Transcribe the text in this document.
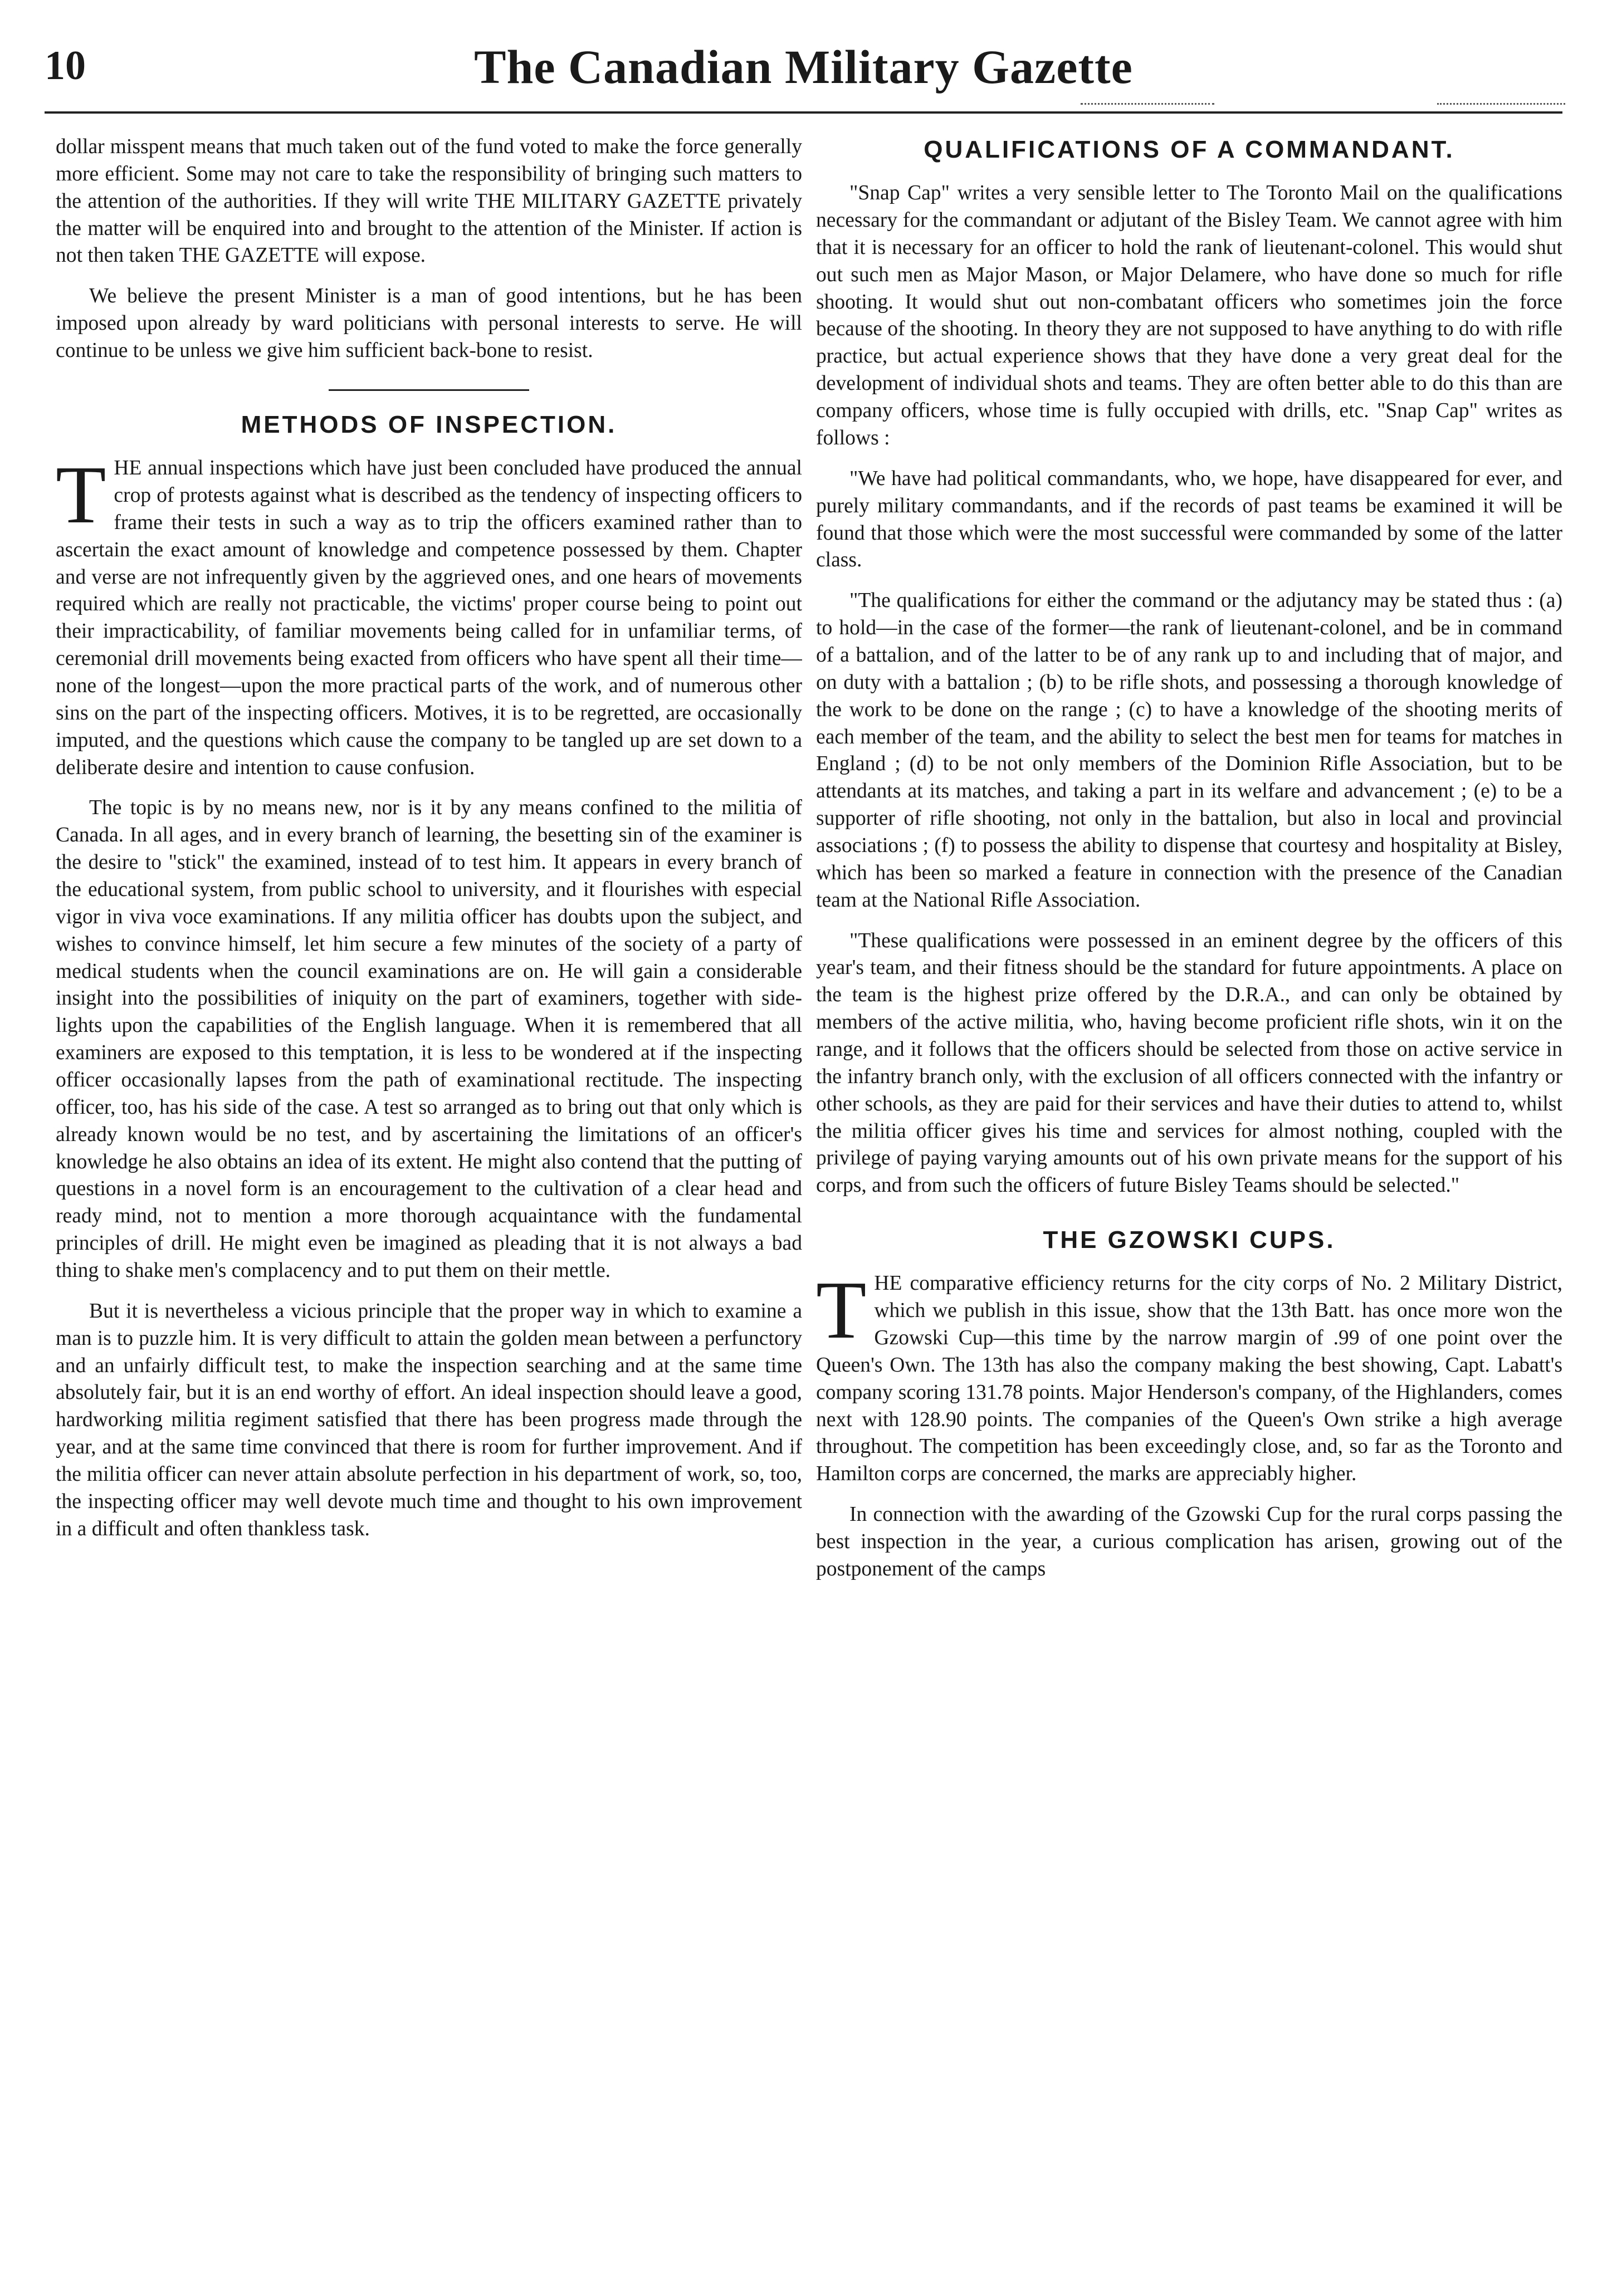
10	The Canadian Military Gazette

dollar misspent means that much taken out of the fund voted to make the force generally more efficient. Some may not care to take the responsibility of bringing such matters to the attention of the authorities. If they will write THE MILITARY GAZETTE privately the matter will be enquired into and brought to the attention of the Minister. If action is not then taken THE GAZETTE will expose.

We believe the present Minister is a man of good intentions, but he has been imposed upon already by ward politicians with personal interests to serve. He will continue to be unless we give him sufficient back-bone to resist.

METHODS OF INSPECTION.

THE annual inspections which have just been concluded have produced the annual crop of protests against what is described as the tendency of inspecting officers to frame their tests in such a way as to trip the officers examined rather than to ascertain the exact amount of knowledge and competence possessed by them. Chapter and verse are not infrequently given by the aggrieved ones, and one hears of movements required which are really not practicable, the victims' proper course being to point out their impracticability, of familiar movements being called for in unfamiliar terms, of ceremonial drill movements being exacted from officers who have spent all their time—none of the longest—upon the more practical parts of the work, and of numerous other sins on the part of the inspecting officers. Motives, it is to be regretted, are occasionally imputed, and the questions which cause the company to be tangled up are set down to a deliberate desire and intention to cause confusion.

The topic is by no means new, nor is it by any means confined to the militia of Canada. In all ages, and in every branch of learning, the besetting sin of the examiner is the desire to "stick" the examined, instead of to test him. It appears in every branch of the educational system, from public school to university, and it flourishes with especial vigor in viva voce examinations. If any militia officer has doubts upon the subject, and wishes to convince himself, let him secure a few minutes of the society of a party of medical students when the council examinations are on. He will gain a considerable insight into the possibilities of iniquity on the part of examiners, together with side-lights upon the capabilities of the English language. When it is remembered that all examiners are exposed to this temptation, it is less to be wondered at if the inspecting officer occasionally lapses from the path of examinational rectitude. The inspecting officer, too, has his side of the case. A test so arranged as to bring out that only which is already known would be no test, and by ascertaining the limitations of an officer's knowledge he also obtains an idea of its extent. He might also contend that the putting of questions in a novel form is an encouragement to the cultivation of a clear head and ready mind, not to mention a more thorough acquaintance with the fundamental principles of drill. He might even be imagined as pleading that it is not always a bad thing to shake men's complacency and to put them on their mettle.

But it is nevertheless a vicious principle that the proper way in which to examine a man is to puzzle him. It is very difficult to attain the golden mean between a perfunctory and an unfairly difficult test, to make the inspection searching and at the same time absolutely fair, but it is an end worthy of effort. An ideal inspection should leave a good, hardworking militia regiment satisfied that there has been progress made through the year, and at the same time convinced that there is room for further improvement. And if the militia officer can never attain absolute perfection in his department of work, so, too, the inspecting officer may well devote much time and thought to his own improvement in a difficult and often thankless task.

QUALIFICATIONS OF A COMMANDANT.

"Snap Cap" writes a very sensible letter to The Toronto Mail on the qualifications necessary for the commandant or adjutant of the Bisley Team. We cannot agree with him that it is necessary for an officer to hold the rank of lieutenant-colonel. This would shut out such men as Major Mason, or Major Delamere, who have done so much for rifle shooting. It would shut out non-combatant officers who sometimes join the force because of the shooting. In theory they are not supposed to have anything to do with rifle practice, but actual experience shows that they have done a very great deal for the development of individual shots and teams. They are often better able to do this than are company officers, whose time is fully occupied with drills, etc. "Snap Cap" writes as follows :

"We have had political commandants, who, we hope, have disappeared for ever, and purely military commandants, and if the records of past teams be examined it will be found that those which were the most successful were commanded by some of the latter class.

"The qualifications for either the command or the adjutancy may be stated thus : (a) to hold—in the case of the former—the rank of lieutenant-colonel, and be in command of a battalion, and of the latter to be of any rank up to and including that of major, and on duty with a battalion ; (b) to be rifle shots, and possessing a thorough knowledge of the work to be done on the range ; (c) to have a knowledge of the shooting merits of each member of the team, and the ability to select the best men for teams for matches in England ; (d) to be not only members of the Dominion Rifle Association, but to be attendants at its matches, and taking a part in its welfare and advancement ; (e) to be a supporter of rifle shooting, not only in the battalion, but also in local and provincial associations ; (f) to possess the ability to dispense that courtesy and hospitality at Bisley, which has been so marked a feature in connection with the presence of the Canadian team at the National Rifle Association.

"These qualifications were possessed in an eminent degree by the officers of this year's team, and their fitness should be the standard for future appointments. A place on the team is the highest prize offered by the D.R.A., and can only be obtained by members of the active militia, who, having become proficient rifle shots, win it on the range, and it follows that the officers should be selected from those on active service in the infantry branch only, with the exclusion of all officers connected with the infantry or other schools, as they are paid for their services and have their duties to attend to, whilst the militia officer gives his time and services for almost nothing, coupled with the privilege of paying varying amounts out of his own private means for the support of his corps, and from such the officers of future Bisley Teams should be selected."

THE GZOWSKI CUPS.

THE comparative efficiency returns for the city corps of No. 2 Military District, which we publish in this issue, show that the 13th Batt. has once more won the Gzowski Cup—this time by the narrow margin of .99 of one point over the Queen's Own. The 13th has also the company making the best showing, Capt. Labatt's company scoring 131.78 points. Major Henderson's company, of the Highlanders, comes next with 128.90 points. The companies of the Queen's Own strike a high average throughout. The competition has been exceedingly close, and, so far as the Toronto and Hamilton corps are concerned, the marks are appreciably higher.

In connection with the awarding of the Gzowski Cup for the rural corps passing the best inspection in the year, a curious complication has arisen, growing out of the postponement of the camps
